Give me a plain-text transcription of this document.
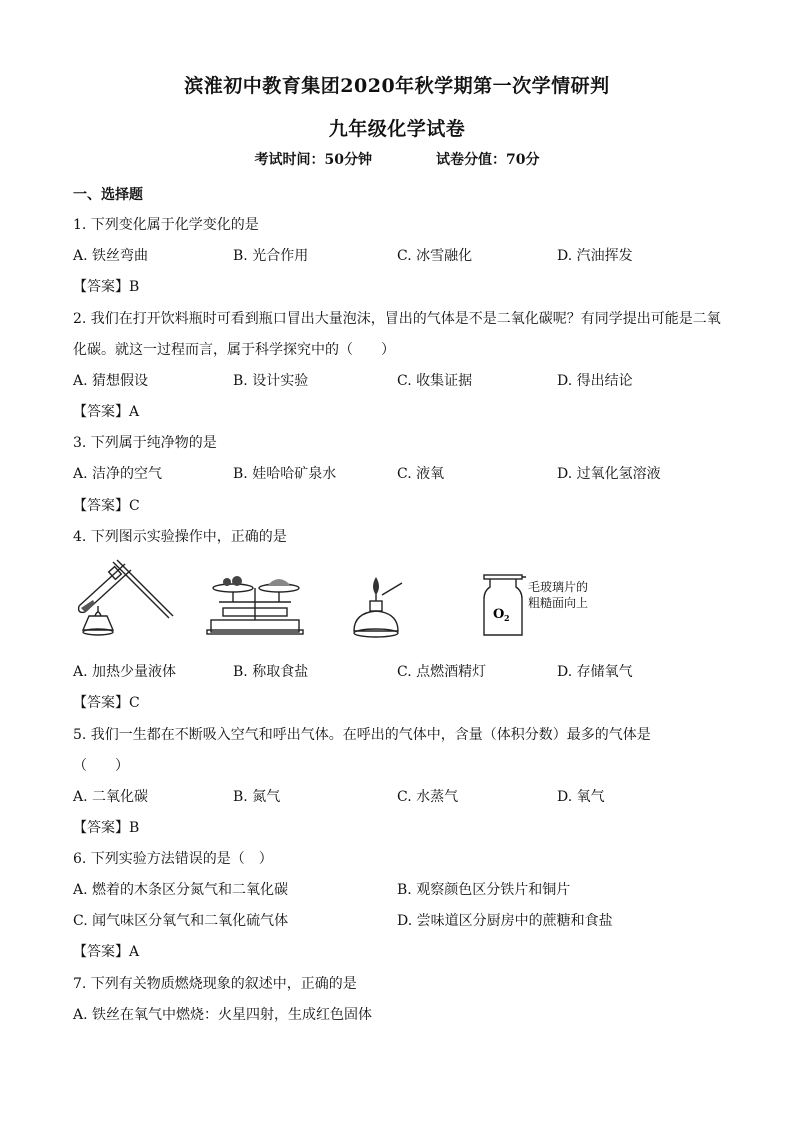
滨淮初中教育集团2020年秋学期第一次学情研判
九年级化学试卷
考试时间：50分钟	试卷分值：70分
一、选择题
1. 下列变化属于化学变化的是
A. 铁丝弯曲	B. 光合作用	C. 冰雪融化	D. 汽油挥发
【答案】B
2. 我们在打开饮料瓶时可看到瓶口冒出大量泡沫，冒出的气体是不是二氧化碳呢？有同学提出可能是二氧
化碳。就这一过程而言，属于科学探究中的（　　）
A. 猜想假设	B. 设计实验	C. 收集证据	D. 得出结论
【答案】A
3. 下列属于纯净物的是
A. 洁净的空气	B. 娃哈哈矿泉水	C. 液氧	D. 过氧化氢溶液
【答案】C
4. 下列图示实验操作中，正确的是
O 2
毛玻璃片的
粗糙面向上
A. 加热少量液体	B. 称取食盐	C. 点燃酒精灯	D. 存储氧气
【答案】C
5. 我们一生都在不断吸入空气和呼出气体。在呼出的气体中，含量（体积分数）最多的气体是
（　　）
A. 二氧化碳	B. 氮气	C. 水蒸气	D. 氧气
【答案】B
6. 下列实验方法错误的是（　）
A. 燃着的木条区分氮气和二氧化碳	B. 观察颜色区分铁片和铜片
C. 闻气味区分氧气和二氧化硫气体	D. 尝味道区分厨房中的蔗糖和食盐
【答案】A
7. 下列有关物质燃烧现象的叙述中，正确的是
A. 铁丝在氧气中燃烧：火星四射，生成红色固体
